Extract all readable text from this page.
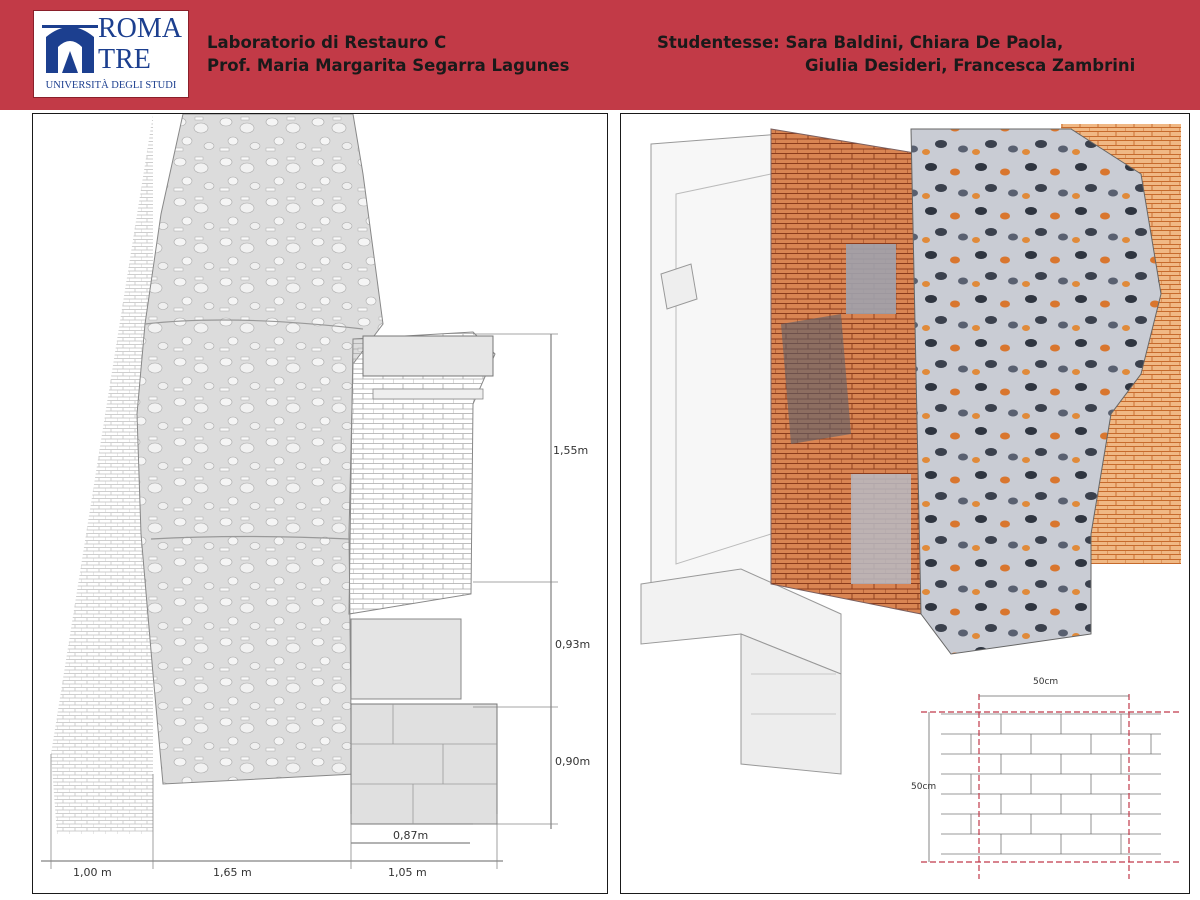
ROMA
TRE
UNIVERSITÀ DEGLI STUDI
Laboratorio di Restauro C
Prof. Maria Margarita Segarra Lagunes
Studentesse: Sara Baldini, Chiara De Paola,
Giulia Desideri, Francesca Zambrini
1,55m
0,93m
0,90m
0,87m
1,00 m	1,65 m	1,05 m
50cm
50cm
